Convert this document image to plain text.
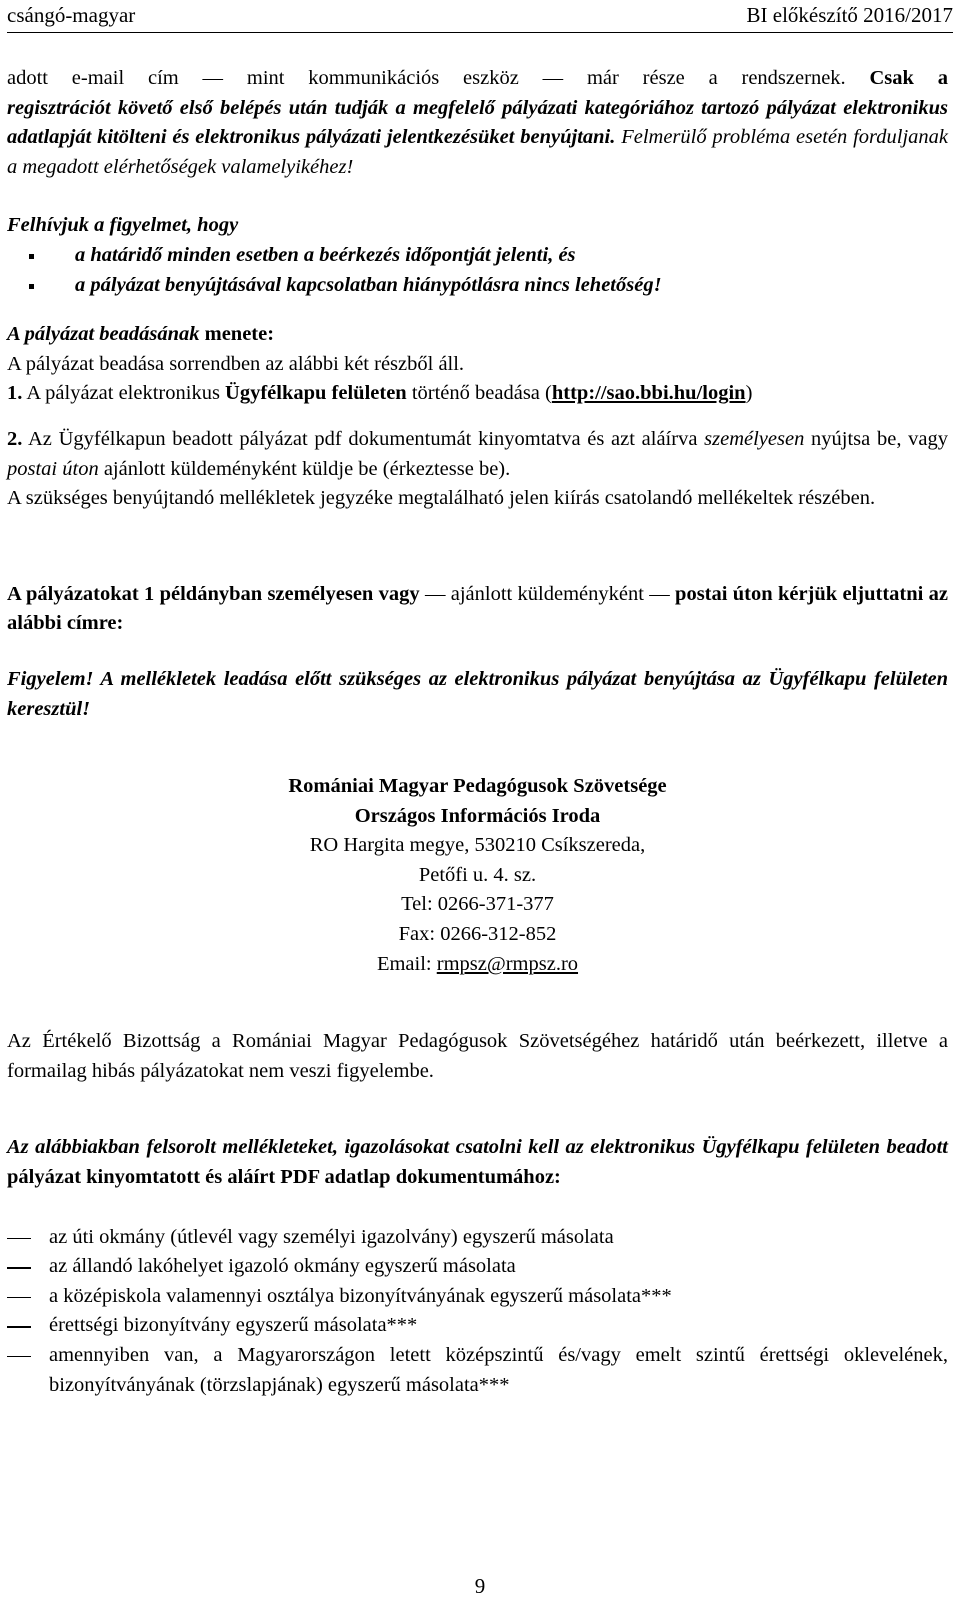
csángó-magyar	BI előkészítő 2016/2017

adott e-mail cím — mint kommunikációs eszköz — már része a rendszernek. Csak a

regisztrációt követő első belépés után tudják a megfelelő pályázati kategóriához tartozó pályázat elektronikus adatlapját kitölteni és elektronikus pályázati jelentkezésüket benyújtani. Felmerülő probléma esetén forduljanak a megadott elérhetőségek valamelyikéhez!

Felhívjuk a figyelmet, hogy

a határidő minden esetben a beérkezés időpontját jelenti, és
a pályázat benyújtásával kapcsolatban hiánypótlásra nincs lehetőség!

A pályázat beadásának menete:

A pályázat beadása sorrendben az alábbi két részből áll.

1. A pályázat elektronikus Ügyfélkapu felületen történő beadása (http://sao.bbi.hu/login)

2. Az Ügyfélkapun beadott pályázat pdf dokumentumát kinyomtatva és azt aláírva személyesen nyújtsa be, vagy postai úton ajánlott küldeményként küldje be (érkeztesse be).

A szükséges benyújtandó mellékletek jegyzéke megtalálható jelen kiírás csatolandó mellékeltek részében.

A pályázatokat 1 példányban személyesen vagy — ajánlott küldeményként — postai úton kérjük eljuttatni az alábbi címre:

Figyelem! A mellékletek leadása előtt szükséges az elektronikus pályázat benyújtása az Ügyfélkapu felületen keresztül!

Romániai Magyar Pedagógusok Szövetsége

Országos Információs Iroda

RO Hargita megye, 530210 Csíkszereda,

Petőfi u. 4. sz.

Tel: 0266-371-377

Fax: 0266-312-852

Email: rmpsz@rmpsz.ro

Az Értékelő Bizottság a Romániai Magyar Pedagógusok Szövetségéhez határidő után beérkezett, illetve a formailag hibás pályázatokat nem veszi figyelembe.

Az alábbiakban felsorolt mellékleteket, igazolásokat csatolni kell az elektronikus Ügyfélkapu felületen beadott pályázat kinyomtatott és aláírt PDF adatlap dokumentumához:

az úti okmány (útlevél vagy személyi igazolvány) egyszerű másolata
az állandó lakóhelyet igazoló okmány egyszerű másolata
a középiskola valamennyi osztálya bizonyítványának egyszerű másolata***
érettségi bizonyítvány egyszerű másolata***
amennyiben van, a Magyarországon letett középszintű és/vagy emelt szintű érettségi oklevelének, bizonyítványának (törzslapjának) egyszerű másolata***
9
